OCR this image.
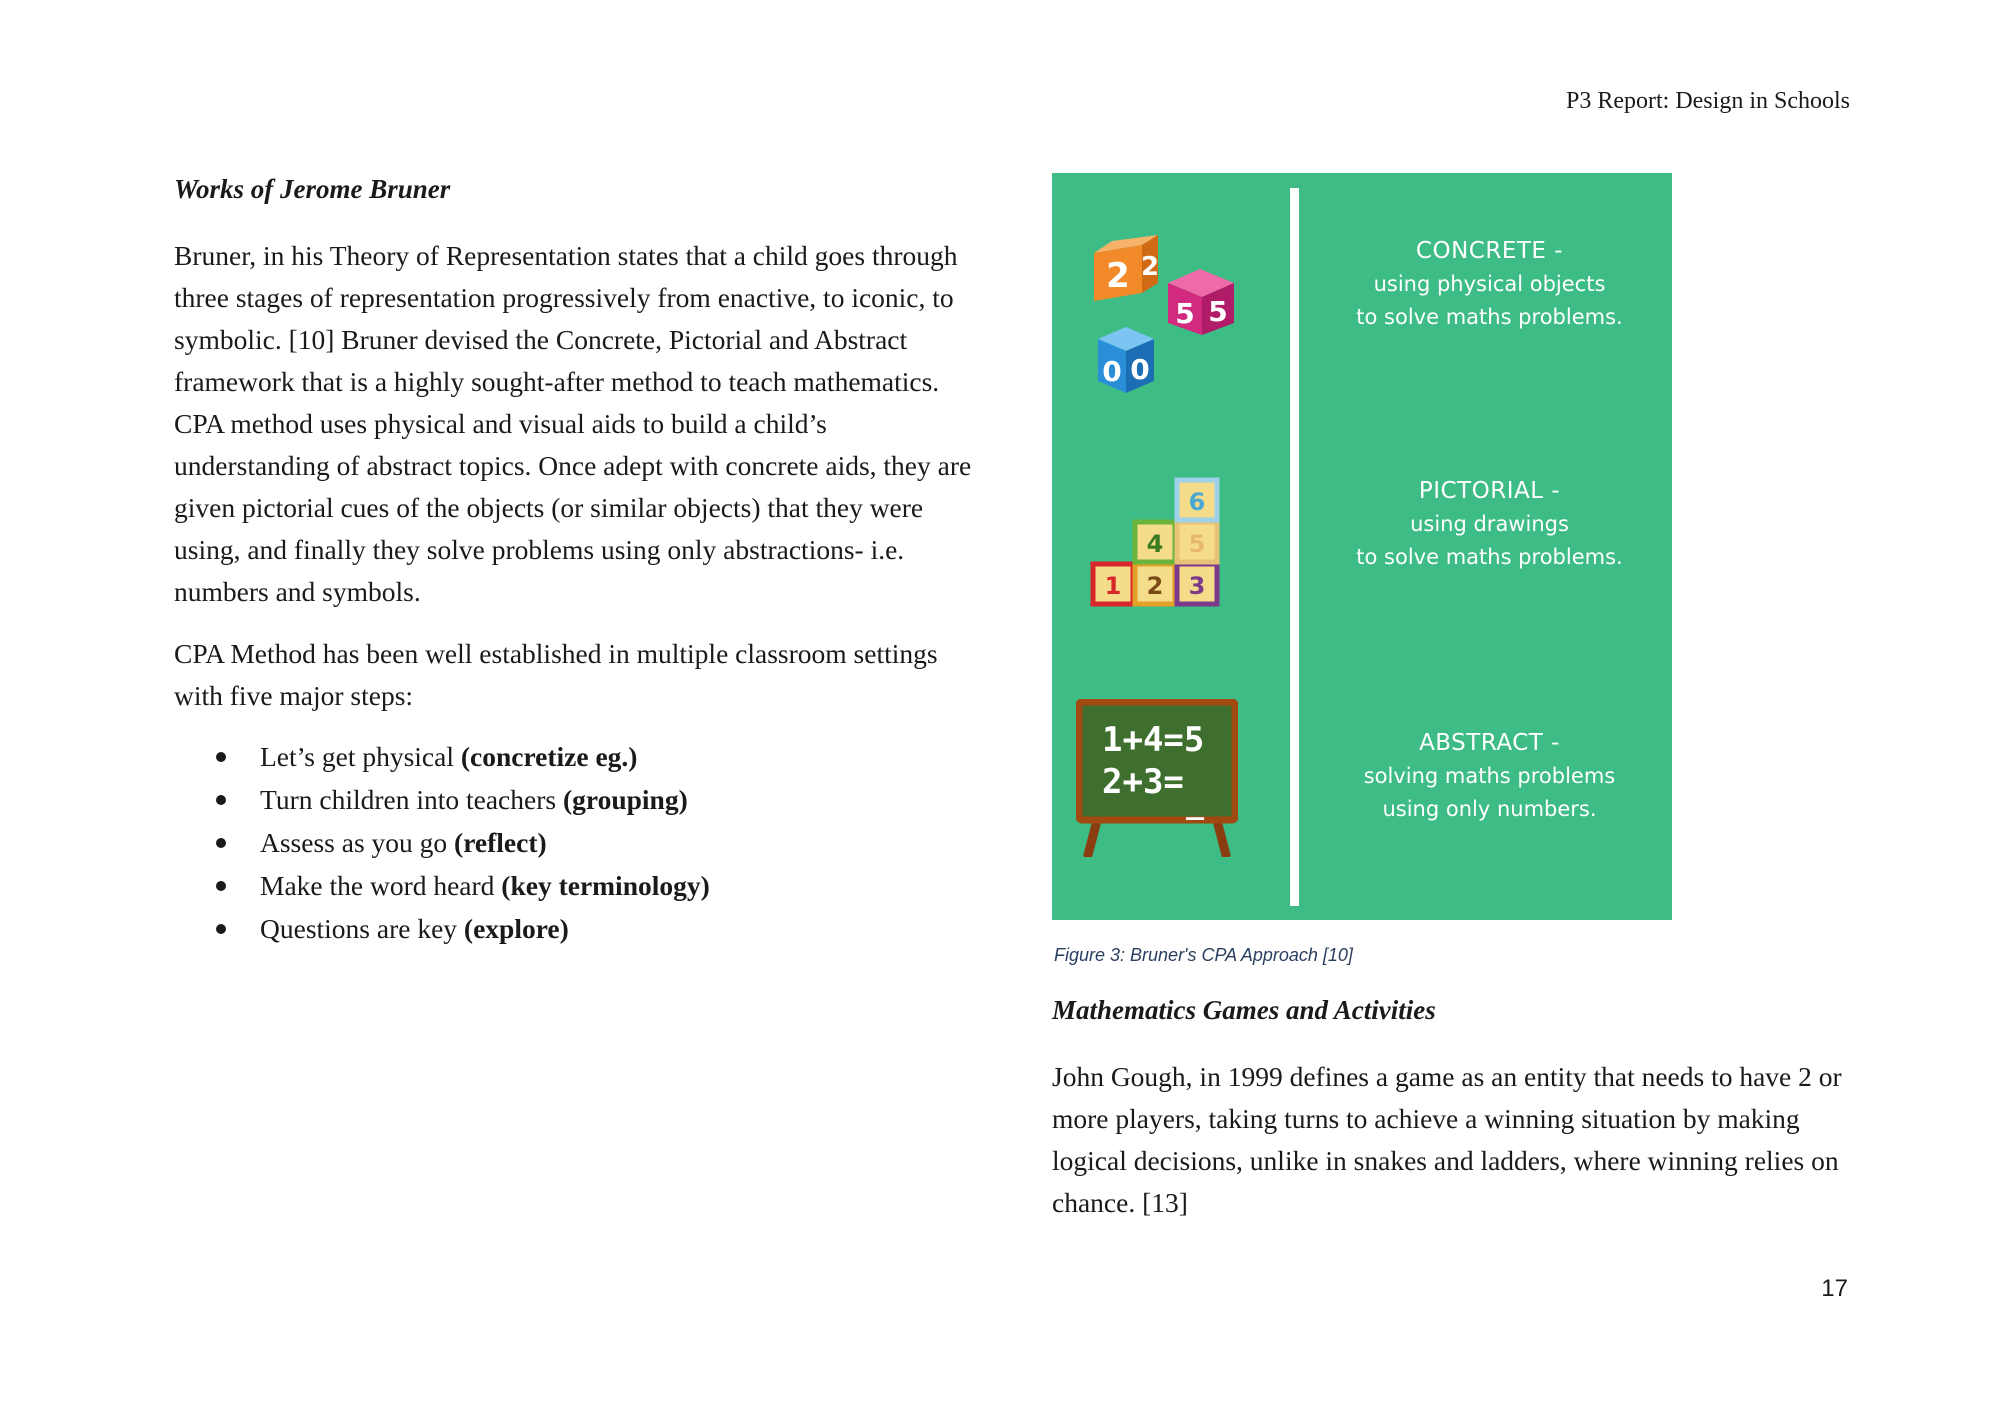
P3 Report: Design in Schools
Works of Jerome Bruner

Bruner, in his Theory of Representation states that a child goes through three stages of representation progressively from enactive, to iconic, to symbolic. [10] Bruner devised the Concrete, Pictorial and Abstract framework that is a highly sought-after method to teach mathematics. CPA method uses physical and visual aids to build a child’s understanding of abstract topics. Once adept with concrete aids, they are given pictorial cues of the objects (or similar objects) that they were using, and finally they solve problems using only abstractions- i.e. numbers and symbols.

CPA Method has been well established in multiple classroom settings with five major steps:

Let’s get physical (concretize eg.)
Turn children into teachers (grouping)
Assess as you go (reflect)
Make the word heard (key terminology)
Questions are key (explore)
2 2
5 5
0 0
1 2 3
4 5
6
1+4=5
2+3=
_
CONCRETE -
using physical objects
to solve maths problems.
PICTORIAL -
using drawings
to solve maths problems.
ABSTRACT -
solving maths problems
using only numbers.
Figure 3: Bruner's CPA Approach [10]
Mathematics Games and Activities

John Gough, in 1999 defines a game as an entity that needs to have 2 or more players, taking turns to achieve a winning situation by making logical decisions, unlike in snakes and ladders, where winning relies on chance. [13]

17
